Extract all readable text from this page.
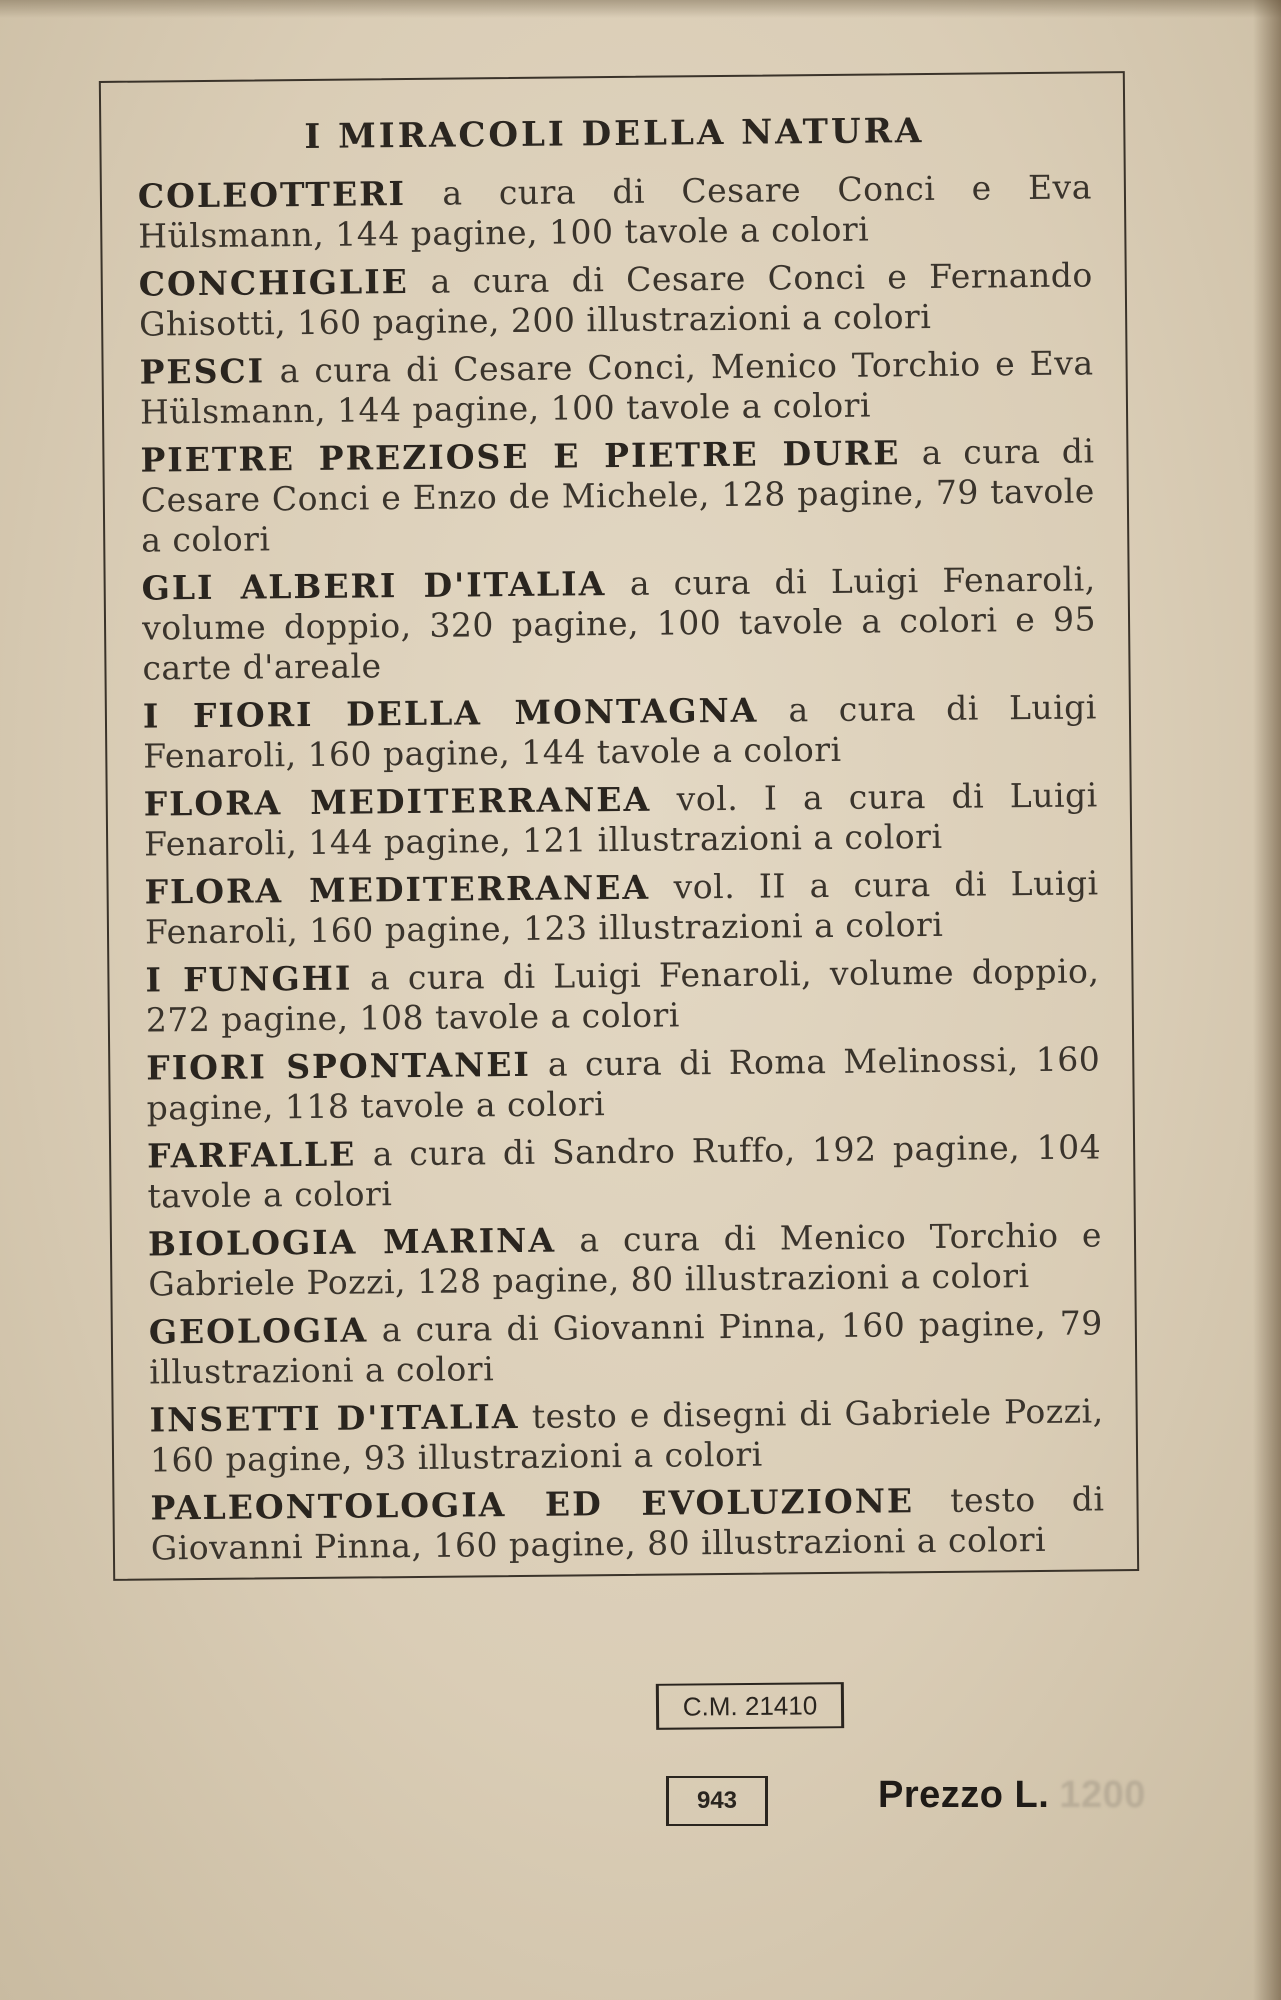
I MIRACOLI DELLA NATURA
COLEOTTERI a cura di Cesare Conci e Eva Hülsmann, 144 pagine, 100 tavole a colori
CONCHIGLIE a cura di Cesare Conci e Fernando Ghisotti, 160 pagine, 200 illustrazioni a colori
PESCI a cura di Cesare Conci, Menico Torchio e Eva Hülsmann, 144 pagine, 100 tavole a colori
PIETRE PREZIOSE E PIETRE DURE a cura di Cesare Conci e Enzo de Michele, 128 pagine, 79 tavole a colori
GLI ALBERI D'ITALIA a cura di Luigi Fenaroli, volume doppio, 320 pagine, 100 tavole a colori e 95 carte d'areale
I FIORI DELLA MONTAGNA a cura di Luigi Fenaroli, 160 pagine, 144 tavole a colori
FLORA MEDITERRANEA vol. I a cura di Luigi Fenaroli, 144 pagine, 121 illustrazioni a colori
FLORA MEDITERRANEA vol. II a cura di Luigi Fenaroli, 160 pagine, 123 illustrazioni a colori
I FUNGHI a cura di Luigi Fenaroli, volume doppio, 272 pagine, 108 tavole a colori
FIORI SPONTANEI a cura di Roma Melinossi, 160 pagine, 118 tavole a colori
FARFALLE a cura di Sandro Ruffo, 192 pagine, 104 tavole a colori
BIOLOGIA MARINA a cura di Menico Torchio e Gabriele Pozzi, 128 pagine, 80 illustrazioni a colori
GEOLOGIA a cura di Giovanni Pinna, 160 pagine, 79 illustrazioni a colori
INSETTI D'ITALIA testo e disegni di Gabriele Pozzi, 160 pagine, 93 illustrazioni a colori
PALEONTOLOGIA ED EVOLUZIONE testo di Giovanni Pinna, 160 pagine, 80 illustrazioni a colori
C.M. 21410
943	Prezzo L. 1200
